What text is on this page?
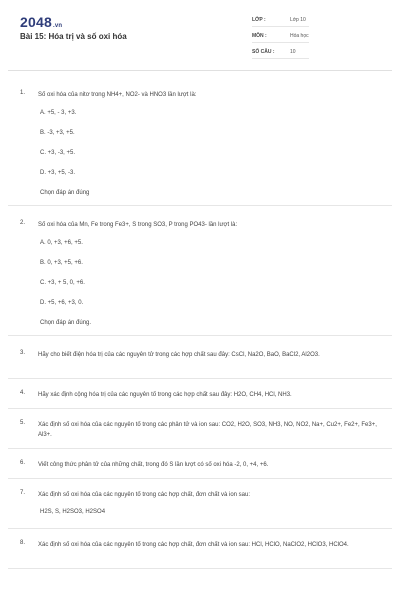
2048.vn
Bài 15: Hóa trị và số oxi hóa
LỚP :	Lớp 10
MÔN :	Hóa học
SỐ CÂU :	10
1. Số oxi hóa của nitơ trong NH4+, NO2- và HNO3 lần lượt là:
A. +5, - 3, +3.
B. -3, +3, +5.
C. +3, -3, +5.
D. +3, +5, -3.
Chọn đáp án đúng
2. Số oxi hóa của Mn, Fe trong Fe3+, S trong SO3, P trong PO43- lần lượt là:
A. 0, +3, +6, +5.
B. 0, +3, +5, +6.
C. +3, + 5, 0, +6.
D. +5, +6, +3, 0.
Chọn đáp án đúng.
3. Hãy cho biết điện hóa trị của các nguyên tử trong các hợp chất sau đây: CsCl, Na2O, BaO, BaCl2, Al2O3.
4. Hãy xác định cộng hóa trị của các nguyên tố trong các hợp chất sau đây: H2O, CH4, HCl, NH3.
5. Xác định số oxi hóa của các nguyên tố trong các phân tử và ion sau: CO2, H2O, SO3, NH3, NO, NO2, Na+, Cu2+, Fe2+, Fe3+, Al3+.
6. Viết công thức phân tử của những chất, trong đó S lần lượt có số oxi hóa -2, 0, +4, +6.
7. Xác định số oxi hóa của các nguyên tố trong các hợp chất, đơn chất và ion sau:
H2S, S, H2SO3, H2SO4
8. Xác định số oxi hóa của các nguyên tố trong các hợp chất, đơn chất và ion sau: HCl, HClO, NaClO2, HClO3, HClO4.
